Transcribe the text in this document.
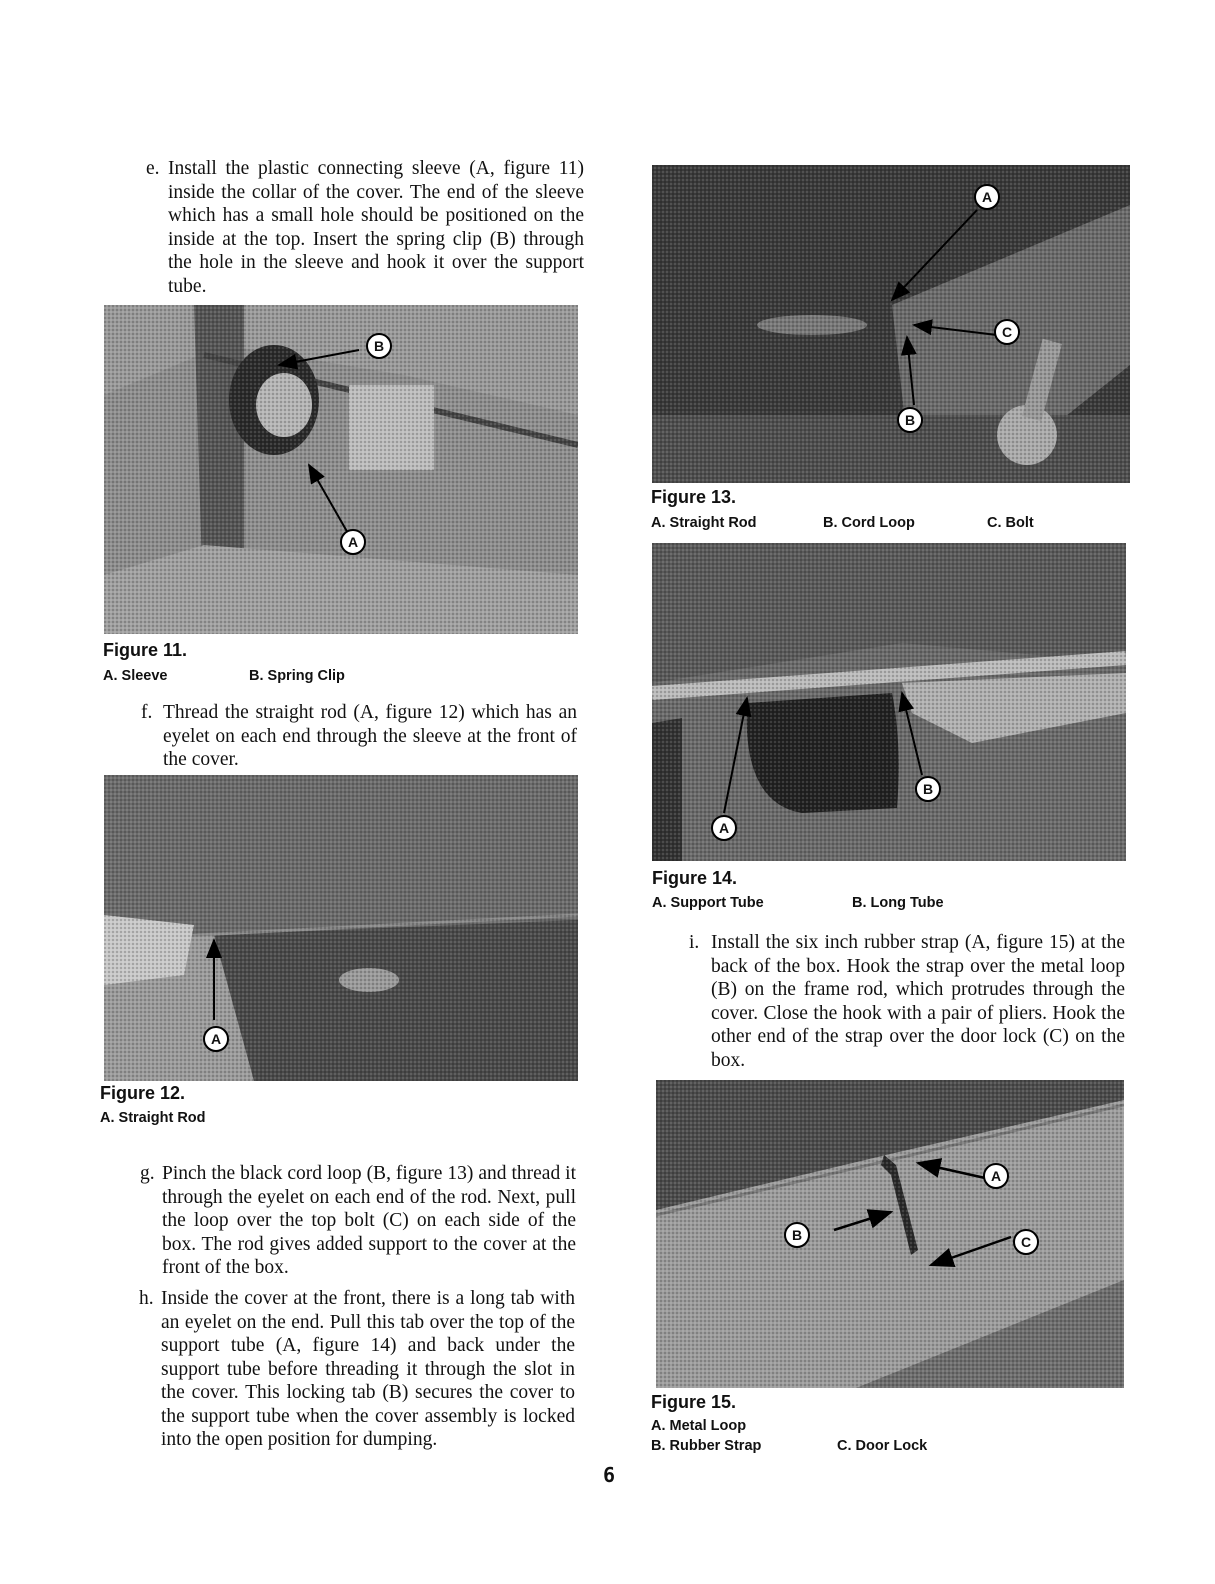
e. Install the plastic connecting sleeve (A, figure 11) inside the collar of the cover. The end of the sleeve which has a small hole should be positioned on the inside at the top. Insert the spring clip (B) through the hole in the sleeve and hook it over the support tube.
B
A
Figure 11.
A. Sleeve	B. Spring Clip
f. Thread the straight rod (A, figure 12) which has an eyelet on each end through the sleeve at the front of the cover.
A
Figure 12.
A. Straight Rod
g. Pinch the black cord loop (B, figure 13) and thread it through the eyelet on each end of the rod. Next, pull the loop over the top bolt (C) on each side of the box. The rod gives added support to the cover at the front of the box.
h. Inside the cover at the front, there is a long tab with an eyelet on the end. Pull this tab over the top of the support tube (A, figure 14) and back under the support tube before threading it through the slot in the cover. This locking tab (B) secures the cover to the support tube when the cover assembly is locked into the open position for dumping.
A
C
B
Figure 13.
A. Straight Rod	B. Cord Loop	C. Bolt
B
A
Figure 14.
A. Support Tube	B. Long Tube
i. Install the six inch rubber strap (A, figure 15) at the back of the box. Hook the strap over the metal loop (B) on the frame rod, which protrudes through the cover. Close the hook with a pair of pliers. Hook the other end of the strap over the door lock (C) on the box.
A
B	C
Figure 15.
A. Metal Loop
B. Rubber Strap	C. Door Lock
6
